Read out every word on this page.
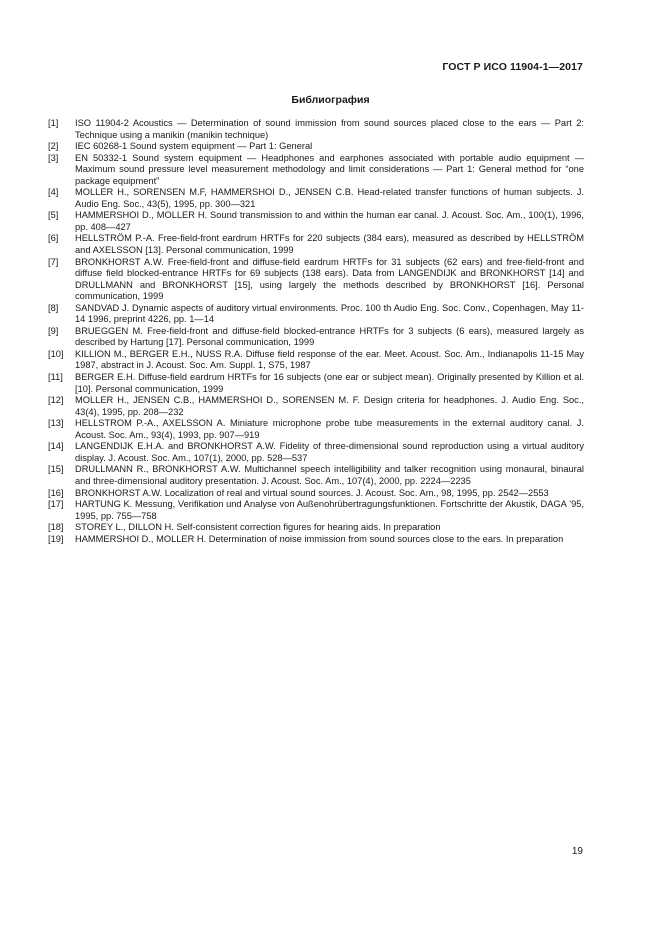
ГОСТ Р ИСО 11904-1—2017
Библиография
[1]	ISO 11904-2 Acoustics — Determination of sound immission from sound sources placed close to the ears — Part 2: Technique using a manikin (manikin technique)
[2]	IEC 60268-1 Sound system equipment — Part 1: General
[3]	EN 50332-1 Sound system equipment — Headphones and earphones associated with portable audio equipment — Maximum sound pressure level measurement methodology and limit considerations — Part 1: General method for “one package equipment”
[4]	MOLLER H., SORENSEN M.F, HAMMERSHOI D., JENSEN C.B. Head-related transfer functions of human subjects. J. Audio Eng. Soc., 43(5), 1995, pp. 300—321
[5]	HAMMERSHOI D., MOLLER H. Sound transmission to and within the human ear canal. J. Acoust. Soc. Am., 100(1), 1996, pp. 408—427
[6]	HELLSTRÖM P.-A. Free-field-front eardrum HRTFs for 220 subjects (384 ears), measured as described by HELLSTRÖM and AXELSSON [13]. Personal communication, 1999
[7]	BRONKHORST A.W. Free-field-front and diffuse-field eardrum HRTFs for 31 subjects (62 ears) and free-field-front and diffuse field blocked-entrance HRTFs for 69 subjects (138 ears). Data from LANGENDIJK and BRONKHORST [14] and DRULLMANN and BRONKHORST [15], using largely the methods described by BRONKHORST [16]. Personal communication, 1999
[8]	SANDVAD J. Dynamic aspects of auditory virtual environments. Proc. 100 th Audio Eng. Soc. Conv., Copenhagen, May 11-14 1996, preprint 4226, pp. 1—14
[9]	BRUEGGEN M. Free-field-front and diffuse-field blocked-entrance HRTFs for 3 subjects (6 ears), measured largely as described by Hartung [17]. Personal communication, 1999
[10]	KILLION M., BERGER E.H., NUSS R.A. Diffuse field response of the ear. Meet. Acoust. Soc. Am., Indianapolis 11-15 May 1987, abstract in J. Acoust. Soc. Am. Suppl. 1, S75, 1987
[11]	BERGER E.H. Diffuse-field eardrum HRTFs for 16 subjects (one ear or subject mean). Originally presented by Killion et al. [10]. Personal communication, 1999
[12]	MOLLER H., JENSEN C.B., HAMMERSHOI D., SORENSEN M. F. Design criteria for headphones. J. Audio Eng. Soc., 43(4), 1995, pp. 208—232
[13]	HELLSTROM P.-A., AXELSSON A. Miniature microphone probe tube measurements in the external auditory canal. J. Acoust. Soc. Am., 93(4), 1993, pp. 907—919
[14]	LANGENDIJK E.H.A. and BRONKHORST A.W. Fidelity of three-dimensional sound reproduction using a virtual auditory display. J. Acoust. Soc. Am., 107(1), 2000, pp. 528—537
[15]	DRULLMANN R., BRONKHORST A.W. Multichannel speech intelligibility and talker recognition using monaural, binaural and three-dimensional auditory presentation. J. Acoust. Soc. Am., 107(4), 2000, pp. 2224—2235
[16]	BRONKHORST A.W. Localization of real and virtual sound sources. J. Acoust. Soc. Am., 98, 1995, pp. 2542—2553
[17]	HARTUNG K. Messung, Verifikation und Analyse von Außenohrübertragungsfunktionen. Fortschritte der Akustik, DAGA ’95, 1995, pp. 755—758
[18]	STOREY L., DILLON H. Self-consistent correction figures for hearing aids. In preparation
[19]	HAMMERSHOI D., MOLLER H. Determination of noise immission from sound sources close to the ears. In preparation
19
